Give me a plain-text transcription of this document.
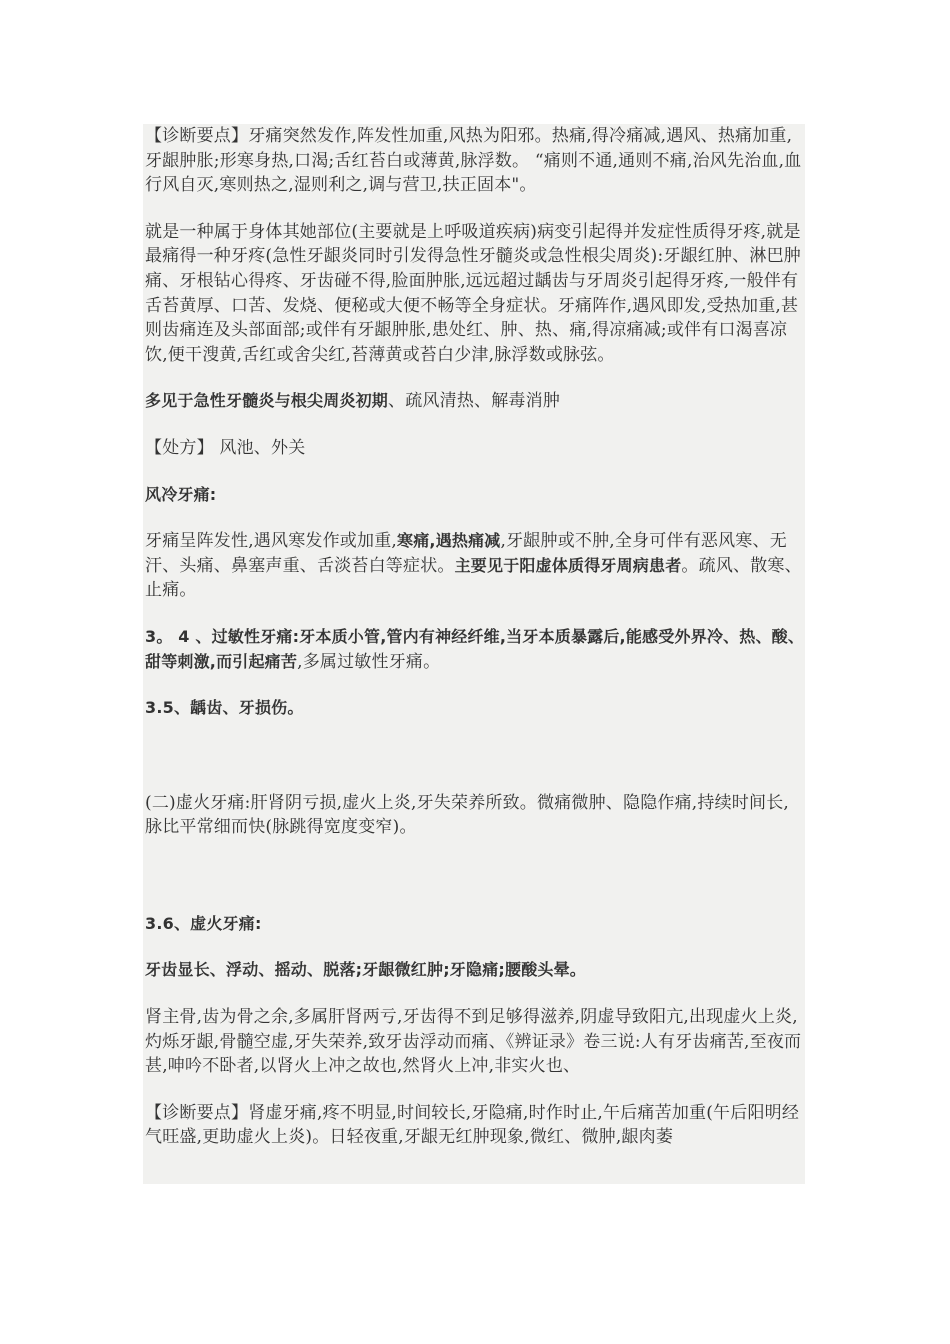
【诊断要点】牙痛突然发作,阵发性加重,风热为阳邪。热痛,得冷痛减,遇风、热痛加重,牙龈肿胀;形寒身热,口渴;舌红苔白或薄黄,脉浮数。 “痛则不通,通则不痛,治风先治血,血行风自灭,寒则热之,湿则利之,调与营卫,扶正固本"。

就是一种属于身体其她部位(主要就是上呼吸道疾病)病变引起得并发症性质得牙疼,就是最痛得一种牙疼(急性牙龈炎同时引发得急性牙髓炎或急性根尖周炎):牙龈红肿、淋巴肿痛、牙根钻心得疼、牙齿碰不得,脸面肿胀,远远超过龋齿与牙周炎引起得牙疼,一般伴有舌苔黄厚、口苦、发烧、便秘或大便不畅等全身症状。牙痛阵作,遇风即发,受热加重,甚则齿痛连及头部面部;或伴有牙龈肿胀,患处红、肿、热、痛,得凉痛减;或伴有口渴喜凉饮,便干溲黄,舌红或舍尖红,苔薄黄或苔白少津,脉浮数或脉弦。

多见于急性牙髓炎与根尖周炎初期、疏风清热、解毒消肿

【处方】 风池、外关

风冷牙痛:

牙痛呈阵发性,遇风寒发作或加重,寒痛,遇热痛减,牙龈肿或不肿,全身可伴有恶风寒、无汗、头痛、鼻塞声重、舌淡苔白等症状。主要见于阳虚体质得牙周病患者。疏风、散寒、止痛。

3。 4 、过敏性牙痛:牙本质小管,管内有神经纤维,当牙本质暴露后,能感受外界冷、热、酸、甜等刺激,而引起痛苦,多属过敏性牙痛。

3.5、龋齿、牙损伤。

(二)虚火牙痛:肝肾阴亏损,虚火上炎,牙失荣养所致。微痛微肿、隐隐作痛,持续时间长,脉比平常细而快(脉跳得宽度变窄)。

3.6、虚火牙痛:

牙齿显长、浮动、摇动、脱落;牙龈微红肿;牙隐痛;腰酸头晕。

肾主骨,齿为骨之余,多属肝肾两亏,牙齿得不到足够得滋养,阴虚导致阳亢,出现虚火上炎,灼烁牙龈,骨髓空虚,牙失荣养,致牙齿浮动而痛、《辨证录》卷三说:人有牙齿痛苦,至夜而甚,呻吟不卧者,以肾火上冲之故也,然肾火上冲,非实火也、

【诊断要点】肾虚牙痛,疼不明显,时间较长,牙隐痛,时作时止,午后痛苦加重(午后阳明经气旺盛,更助虚火上炎)。日轻夜重,牙龈无红肿现象,微红、微肿,龈肉萎
